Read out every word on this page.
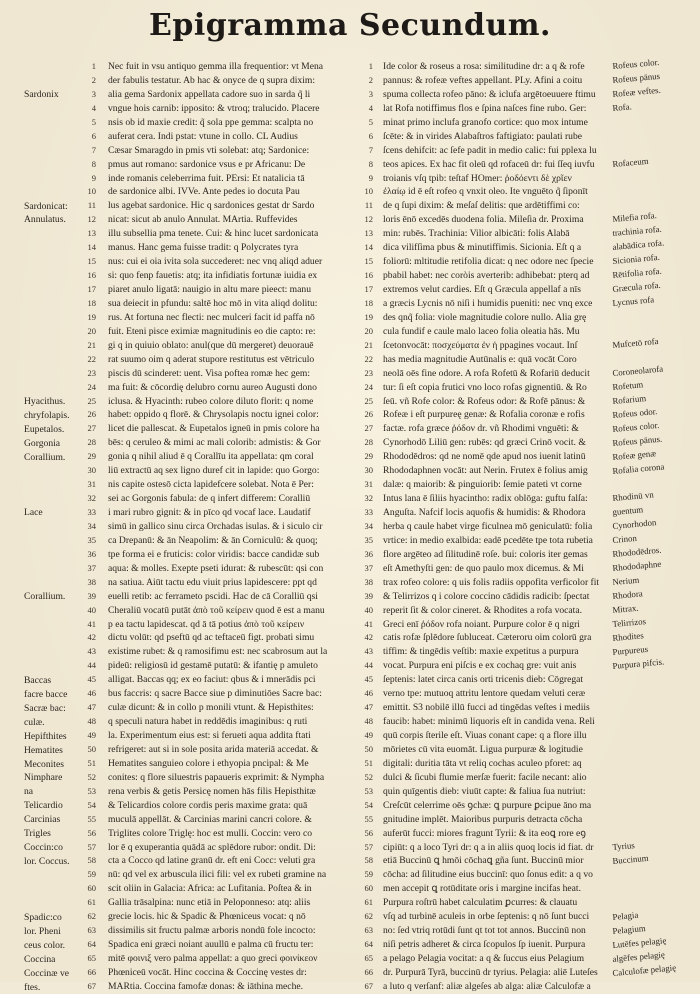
Epigramma Secundum.
1 Nec fuit in vsu antiquo gemma illa frequentior: vt Mena
2 der fabulis testatur. Ab hac & onyce de q supra dixim:
3 alia gema Sardonix appellata cadore suo in sarda q̃ li
4 vngue hois carnib: ipposito: & vtroq; tralucido. Placere
5 nsis ob id maxie credit: q̃ sola ppe gemma: scalpta no
6 auferat cera. Indi pstat: vtune in collo. CL Audius
7 Cæsar Smaragdo in pmis vti solebat: atq; Sardonice:
8 pmus aut romano: sardonice vsus e pr Africanu: De
9 inde romanis celeberrima fuit. PErsi: Et natalicia tā
10 de sardonice albi. IVVe. Ante pedes io docuta Pau
11 lus agebat sardonice. Hic q sardonices gestat dr Sardo
12 nicat: sicut ab anulo Annulat. MArtia. Ruffevides
13 illu subsellia pma tenete. Cui: & hinc lucet sardonicata
14 manus. Hanc gema fuisse tradit: q Polycrates tyra
15 nus: cui ei oia ivita sola succederet: nec vnq aliqd aduer
16 si: quo fenp fauetis: atq; ita infidiatis fortunæ iuidia ex
17 piaret anulo ligatā: nauigio in altu mare pieect: manu
18 sua deiecit in pfundu: saltē hoc mō in vita aliqd dolitu:
19 rus. At fortuna nec flecti: nec mulceri facit id paffa nō
20 fuit. Eteni pisce eximiæ magnitudinis eo die capto: re:
21 gi q in quiuio oblato: anul(que dū mergeret) deuorauē
22 rat suumo oim q aderat stupore restitutus est vētriculo
23 piscis dū scinderet: uent. Visa poftea romæ hec gem:
24 ma fuit: & cōcordię delubro cornu aureo Augusti dono
25 iclusa. & Hyacinth: rubeo colore diluto florit: q nome
26 habet: oppido q florē. & Chrysolapis noctu ignei color:
27 licet die pallescat. & Eupetalos igneū in pmis colore ha
28 bēs: q ceruleo & mimi ac mali colorib: admistis: & Gor
29 gonia q nihil aliud ē q Corallīu ita appellata: qm coral
30 liū extractū aq sex ligno duref cit in lapide: quo Gorgo:
31 nis capite ostesō cicta lapidefcere solebat. Nota ē Per:
32 sei ac Gorgonis fabula: de q infert differem: Coralliū
33 i mari rubro gignit: & in pīco qd vocaf lace. Laudatif
34 simū in gallico sinu circa Orchadas isulas. & i siculo cir
35 ca Drepanū: & ān Neapolim: & ān Corniculū: & quoq;
36 tpe forma ei e fruticis: color viridis: bacce candidæ sub
37 aqua: & molles. Exepte pseti idurat: & rubescūt: qsi con
38 na satiua. Aiūt tactu edu viuit prius lapidescere: ppt qd
39 euelli retib: ac ferrameto pscidi. Hac de cā Coralliū qsi
40 Cheraliū vocatū putāt ἀπὸ τοῦ κείρειν quod ē est a manu
41 p ea tactu lapidescat. qd ā tā potius ἀπὸ τοῦ κείρειν
42 dictu volūt: qd pseftū qd ac teftaceū figt. probati simu
43 existime rubet: & q ramosifimu est: nec scabrosum aut la
44 pideū: religiosū id gestamē putatū: & ifantię p amuleto
45 alligat. Baccas qq; ex eo faciut: qbus & i mnerādis pci
46 bus faccris: q sacre Bacce siue p diminutiōes Sacre bac:
47 culæ dicunt: & in collo p monili vtunt. & Hepisthites:
48 q speculi natura habet in reddēdis imaginibus: q ruti
49 la. Experimentum eius est: si ferueti aqua addita ftati
50 refrigeret: aut si in sole posita arida materiā accedat. &
51 Hematites sanguieo colore i ethyopia pncipal: & Me
52 conites: q flore siluestris papaueris exprimit: & Nympha
53 rena verbis & getis Persicę nomen hās filis Hepisthitæ
54 & Telicardios colore cordis peris maxime grata: quā
55 muculā appellāt. & Carcinias marini cancri colore. &
56 Triglites colore Triglę: hoc est mulli. Coccin: vero co
57 lor ē q exuperantia quādā ac splēdore rubor: ondit. Di:
58 cta a Cocco qd latine granū dr. eft eni Cocc: veluti gra
59 nū: qd vel ex arbuscula ilici fili: vel ex rubeti gramine na
60 scit oliin in Galacia: Africa: ac Lufitania. Poſtea & in
61 Gallia trāsalpina: nunc etiā in Peloponneso: atq: aliis
62 grecie locis. hic & Spadic & Phœniceus vocat: q nō
63 dissimilis sit fructu palmæ arboris nondū fole incocto:
64 Spadica eni græci noiant auullū e palma cū fructu ter:
65 mitē φοινιξ vero palma appellat: a quo greci φοινίκεον
66 Phœniceū vocāt. Hinc coccina & Coccinę vestes dr:
67 MARtia. Coccina famofæ donas: & iāthina meche.
1 Ide color & roseus a rosa: similitudine dr: a q & rofe
2 pannus: & rofeæ veftes appellant. PLy. Afini a coitu
3 spuma collecta rofeo pāno: & iclufa argētoeuuere ftimu
4 lat Rofa notiffimus flos e ſpina naſces fine rubo. Ger:
5 minat primo inclufa granofo cortice: quo mox intume
6 ſcēte: & in virides Alabaſtros faftigiato: paulati rube
7 ſcens dehifcit: ac ſefe padit in medio calic: fui pplexa lu
8 teos apices. Ex hac fit oleū qd rofaceū dr: fui ſſeq iuvfu
9 troianis vſq tpib: teſtaf HOmer: ῥοδόεντι δὲ χρῖεν
10 ἐλαίῳ id ē eſt rofeo q vnxit oleo. Ite vnguēto q̃ ſiponīt
11 de q ſupi dixim: & meſaſ delitis: que ardētiffimi co:
12 loris ēnō excedēs duodena folia. Mileſia dr. Proxima
13 min: rubēs. Trachinia: Vilior albicāti: folis Alabā
14 dica vilifſima pbus & minutiffimis. Sicionia. Eſt q a
15 foliorū: mltitudie retifolia dicat: q nec odore nec ſpecie
16 pbabil habet: nec coròis averterib: adhibebat: pterq ad
17 extremos velut cardies. Eſt q Græcula appellaf a nīs
18 a græcis Lycnis nō niſi i humidis pueniti: nec vnq exce
19 des qnq̃ folia: viole magnitudie colore nullo. Alia grę
20 cula fundif e caule malo laceo folia oleatia hās. Mu
21 ſcetonvocāt: ποσχεύματα ἐν ἡ ppagines vocaut. Inſ
22 has media magnitudie Autūnalis e: quā vocāt Coro
23 neolā oēs fine odore. A rofa Rofetū & Rofariū deducit
24 tur: ſi eſt copia frutici vno loco rofas gignentiū. & Ro
25 ſeū. vñ Rofe color: & Rofeus odor: & Rofē pānus: &
26 Rofeæ i eſt purpureę genæ: & Rofalia coronæ e rofis
27 factæ. rofa græce ῥόδον dr. vñ Rhodimi vnguēti: &
28 Cynorhodō Liliū gen: rubēs: qd græci Crinō vocit. &
29 Rhododēdros: qd ne nomē qde apud nos iuenit latinū
30 Rhododaphnen vocāt: aut Nerin. Frutex ē folius amig
31 dalæ: q maiorib: & pinguiorib: ſemie pateti vt corne
32 Intus lana ē ſiliis hyacintho: radix oblōga: guftu falſa:
33 Anguſta. Nafcif locis aquofis & humidis: & Rhodora
34 herba q caule habet virge ficulnea mō geniculatū: folia
35 vrtice: in medio exalbida: eadē pcedēte tpe tota rubetia
36 flore argēteo ad ſilitudinē roſe. bui: coloris iter gemas
37 eſt Amethyſti gen: de quo paulo mox dicemus. & Mi
38 trax rofeo colore: q uis folis radiis oppofita verficolor fit
39 & Telirrizos q i colore coccino cādidis radicib: ſpectat
40 reperit ſit & color cineret. & Rhodites a rofa vocata.
41 Greci enī ῥόδον rofa noiant. Purpure color ē q nigri
42 catis rofæ ſplēdore ſubluceat. Cæteroru oim colorū gra
43 tiffim: & tingēdis veſtib: maxie expetitus a purpura
44 vocat. Purpura eni piſcis e ex cochaq gre: vuit anis
45 ſeptenis: latet circa canis orti tricenis dieb: Cōgregat
46 verno tpe: mutuoq attritu lentore quedam veluti ceræ
47 emittit. S3 nobilē illū fucci ad tingēdas veſtes i mediis
48 faucib: habet: minimū liquoris eſt in candida vena. Reli
49 quū corpis ſterile eſt. Viuas conant cape: q a flore illu
50 mōrietes cū vita euomāt. Ligua purpuræ & logitudie
51 digitali: duritia tāta vt reliq cochas aculeo pforet: aq
52 dulci & ſicubi flumie merſæ fuerit: facile necant: alio
53 quin quīgentis dieb: viuūt capte: & faliua ſua nutriut:
54 Creſcūt celerrime oēs ꝯchæ: ꝗ purpure ꝑcipue āno ma
55 gnitudine implēt. Maioribus purpuris detracta cōcha
56 auferūt fucci: miores fragunt Tyrii: & ita eoꝗ rore eꝯ
57 cipiūt: q a loco Tyri dr: q a in aliis quoq locis id fiat. dr
58 etiā Buccinū ꝗ hmōi cōchaꝗ gña ſunt. Buccinū mior
59 cōcha: ad ſilitudine eius buccinī: quo ſonus edit: a q vo
60 men accepit ꝗ rotūditate oris i margine incifas heat.
61 Purpura roſtrū habet calculatim ꝑcurres: & clauatu
62 vſq ad turbinē aculeis in orbe ſeptenis: q nō ſunt bucci
63 no: ſed vtriq rotūdi ſunt qt tot tot annos. Buccinū non
64 niſi petris adheret & circa ſcopulos ſp iuenit. Purpura
65 a pelago Pelagia vocitat: a q & ſuccus eius Pelagium
66 dr. Purpurā Tyrā, buccinū dr tyrius. Pelagia: aliē Luteſes
67 a luto q verſanf: aliæ algeſes ab alga: aliæ Calculofæ a
Sardonix
Sardonicat:
Annulatus.
Hyacithus.
chryfolapis.
Eupetalos.
Gorgonia
Corallium.
Lace
Corallium.
Baccas
facre bacce
Sacræ bac:
culæ.
Hepifthites
Hematites
Meconites
Nimphare
na
Telicardio
Carcinias
Trigles
Coccin:co
lor. Coccus.
Spadic:co
lor. Pheni
ceus color.
Coccina
Coccinæ ve
ftes.
Rofeus color.
Rofeus pānus
Rofeæ veftes.
Rofa.
Rofaceum
Milefia rofa.
trachinia rofa.
alabādica rofa.
Sicionia rofa.
Rētifolia rofa.
Græcula rofa.
Lycnus rofa
Mufcetō rofa
Coroneolarofa
Rofetum
Rofarium
Rofeus odor.
Rofeus color.
Rofeus pānus.
Rofeæ genæ
Rofalia corona
Rhodinū vn
guentum
Cynorhodon
Crinon
Rhododēdros.
Rhododaphne
Nerium
Rhodora
Mitrax.
Telirrizos
Rhodites
Purpureus
Purpura pifcis.
Tyrius
Buccinum
Pelagia
Pelagium
Lutēfes pelagię
algēfes pelagię
Calculofæ pelagię
